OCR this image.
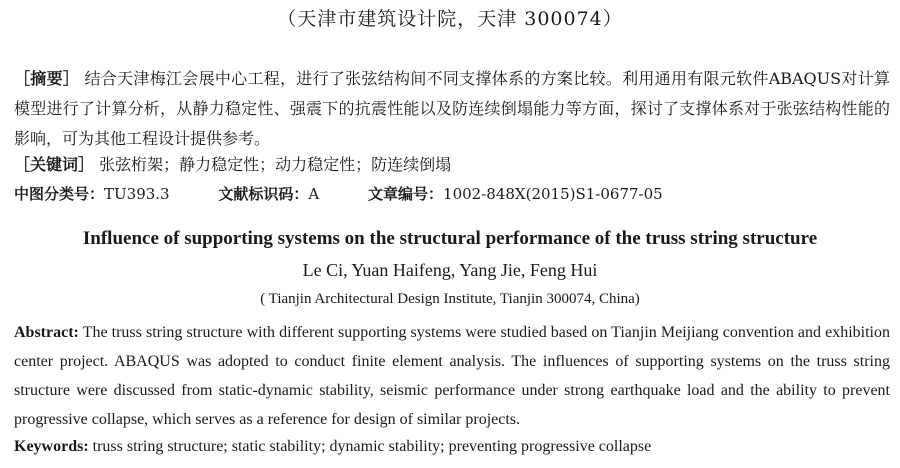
（天津市建筑设计院，天津 300074）
［摘要］ 结合天津梅江会展中心工程，进行了张弦结构间不同支撑体系的方案比较。利用通用有限元软件ABAQUS对计算模型进行了计算分析，从静力稳定性、强震下的抗震性能以及防连续倒塌能力等方面，探讨了支撑体系对于张弦结构性能的影响，可为其他工程设计提供参考。
［关键词］ 张弦桁架；静力稳定性；动力稳定性；防连续倒塌
中图分类号：TU393.3	文献标识码：A	文章编号：1002-848X(2015)S1-0677-05
Influence of supporting systems on the structural performance of the truss string structure
Le Ci, Yuan Haifeng, Yang Jie, Feng Hui
( Tianjin Architectural Design Institute, Tianjin 300074, China)
Abstract: The truss string structure with different supporting systems were studied based on Tianjin Meijiang convention and exhibition center project. ABAQUS was adopted to conduct finite element analysis. The influences of supporting systems on the truss string structure were discussed from static-dynamic stability, seismic performance under strong earthquake load and the ability to prevent progressive collapse, which serves as a reference for design of similar projects.
Keywords: truss string structure; static stability; dynamic stability; preventing progressive collapse
